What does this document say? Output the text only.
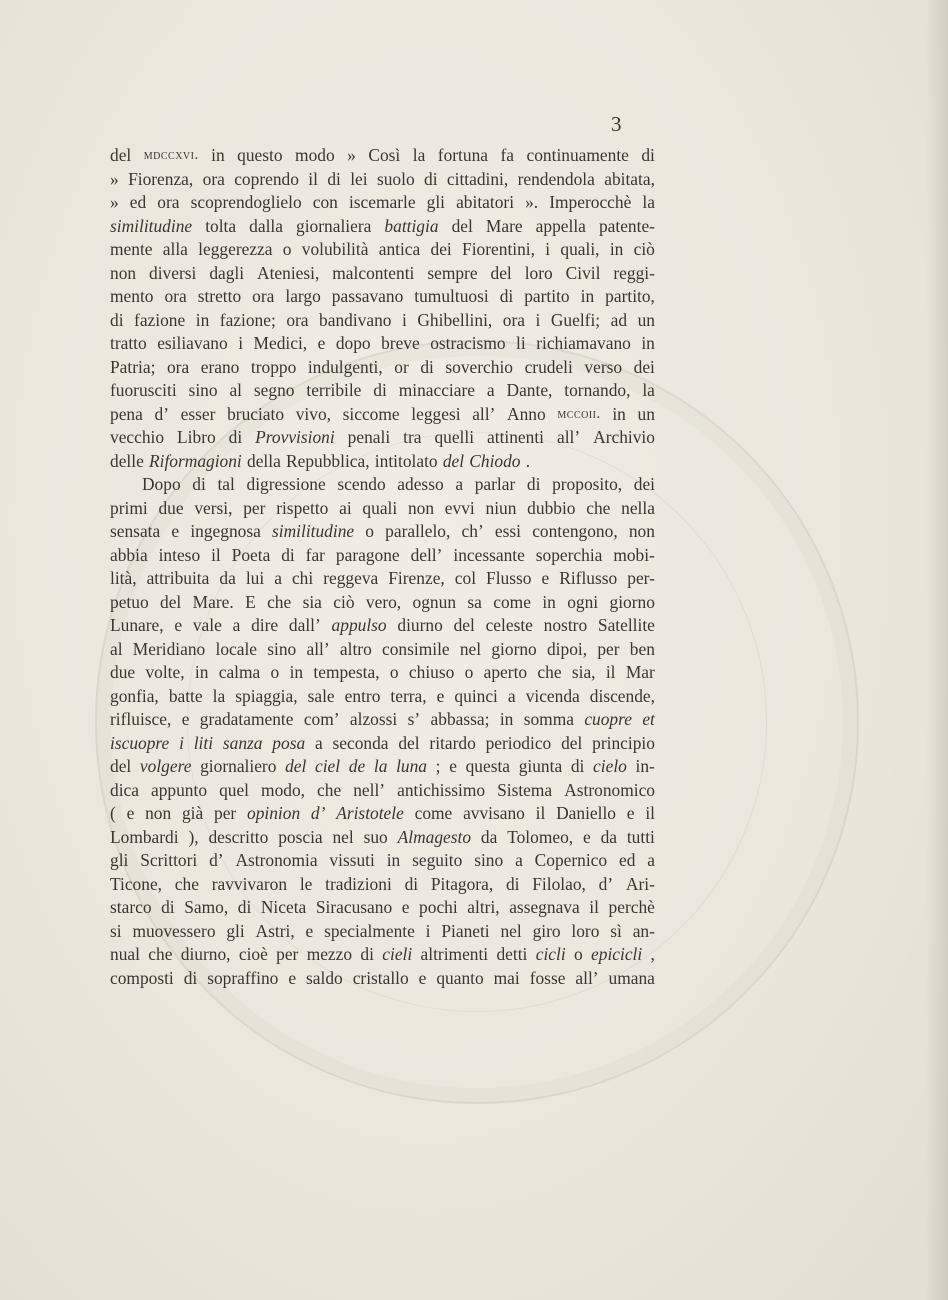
3
del mdccxvi. in questo modo » Così la fortuna fa continuamente di
» Fiorenza, ora coprendo il di lei suolo di cittadini, rendendola abitata,
» ed ora scoprendoglielo con iscemarle gli abitatori ». Imperocchè la
similitudine tolta dalla giornaliera battigia del Mare appella patente-
mente alla leggerezza o volubilità antica dei Fiorentini, i quali, in ciò
non diversi dagli Ateniesi, malcontenti sempre del loro Civil reggi-
mento ora stretto ora largo passavano tumultuosi di partito in partito,
di fazione in fazione; ora bandivano i Ghibellini, ora i Guelfi; ad un
tratto esiliavano i Medici, e dopo breve ostracismo li richiamavano in
Patria; ora erano troppo indulgenti, or di soverchio crudeli verso dei
fuorusciti sino al segno terribile di minacciare a Dante, tornando, la
pena d’ esser bruciato vivo, siccome leggesi all’ Anno mccoii. in un
vecchio Libro di Provvisioni penali tra quelli attinenti all’ Archivio
delle Riformagioni della Repubblica, intitolato del Chiodo .
Dopo di tal digressione scendo adesso a parlar di proposito, dei
primi due versi, per rispetto ai quali non evvi niun dubbio che nella
sensata e ingegnosa similitudine o parallelo, ch’ essi contengono, non
abbia inteso il Poeta di far paragone dell’ incessante soperchia mobi-
lità, attribuita da lui a chi reggeva Firenze, col Flusso e Riflusso per-
petuo del Mare. E che sia ciò vero, ognun sa come in ogni giorno
Lunare, e vale a dire dall’ appulso diurno del celeste nostro Satellite
al Meridiano locale sino all’ altro consimile nel giorno dipoi, per ben
due volte, in calma o in tempesta, o chiuso o aperto che sia, il Mar
gonfia, batte la spiaggia, sale entro terra, e quinci a vicenda discende,
rifluisce, e gradatamente com’ alzossi s’ abbassa; in somma cuopre et
iscuopre i liti sanza posa a seconda del ritardo periodico del principio
del volgere giornaliero del ciel de la luna ; e questa giunta di cielo in-
dica appunto quel modo, che nell’ antichissimo Sistema Astronomico
( e non già per opinion d’ Aristotele come avvisano il Daniello e il
Lombardi ), descritto poscia nel suo Almagesto da Tolomeo, e da tutti
gli Scrittori d’ Astronomia vissuti in seguito sino a Copernico ed a
Ticone, che ravvivaron le tradizioni di Pitagora, di Filolao, d’ Ari-
starco di Samo, di Niceta Siracusano e pochi altri, assegnava il perchè
si muovessero gli Astri, e specialmente i Pianeti nel giro loro sì an-
nual che diurno, cioè per mezzo di cieli altrimenti detti cicli o epicicli ,
composti di sopraffino e saldo cristallo e quanto mai fosse all’ umana
